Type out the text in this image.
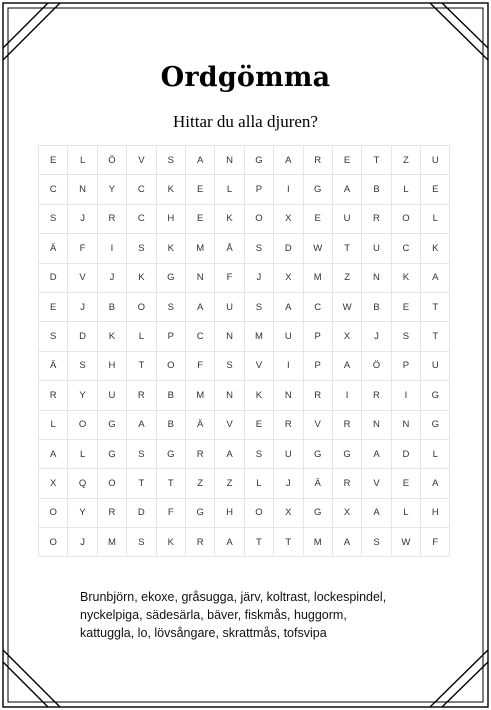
Ordgömma
Hittar du alla djuren?
E	L	Ö	V	S	A	N	G	A	R	E	T	Z	U
C	N	Y	C	K	E	L	P	I	G	A	B	L	E
S	J	R	C	H	E	K	O	X	E	U	R	O	L
Ä	F	I	S	K	M	Å	S	D	W	T	U	C	K
D	V	J	K	G	N	F	J	X	M	Z	N	K	A
E	J	B	O	S	A	U	S	A	C	W	B	E	T
S	D	K	L	P	C	N	M	U	P	X	J	S	T
Ä	S	H	T	O	F	S	V	I	P	A	Ö	P	U
R	Y	U	R	B	M	N	K	N	R	I	R	I	G
L	O	G	A	B	Ä	V	E	R	V	R	N	N	G
A	L	G	S	G	R	A	S	U	G	G	A	D	L
X	Q	O	T	T	Z	Z	L	J	Ä	R	V	E	A
O	Y	R	D	F	G	H	O	X	G	X	A	L	H
O	J	M	S	K	R	A	T	T	M	A	S	W	F
Brunbjörn, ekoxe, gråsugga, järv, koltrast, lockespindel,
nyckelpiga, sädesärla, bäver, fiskmås, huggorm,
kattuggla, lo, lövsångare, skrattmås, tofsvipa
